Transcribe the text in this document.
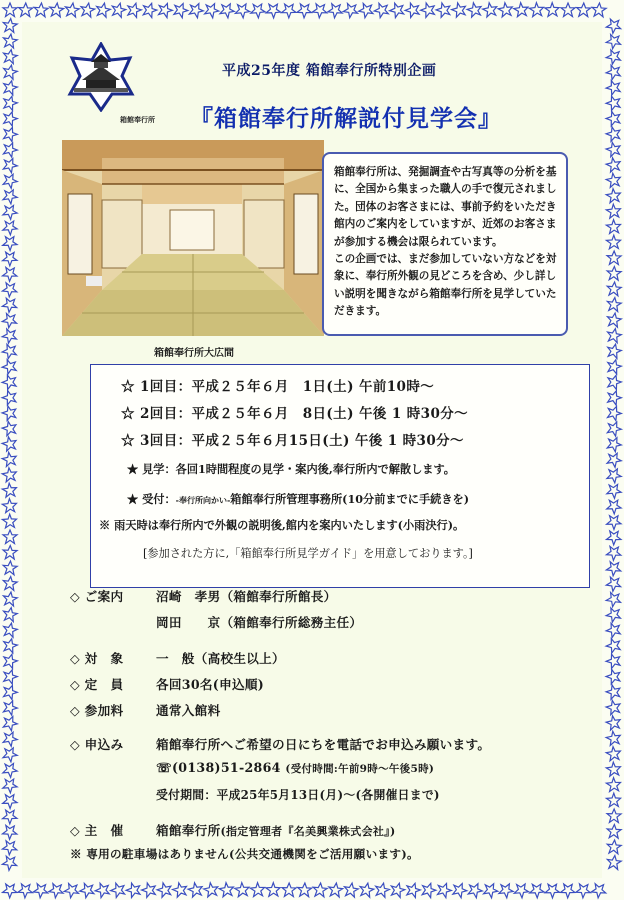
箱館奉行所
平成25年度 箱館奉行所特別企画
『箱館奉行所解説付見学会』
箱館奉行所大広間

箱館奉行所は、発掘調査や古写真等の分析を基に、全国から集まった職人の手で復元されました。団体のお客さまには、事前予約をいただき館内のご案内をしていますが、近郊のお客さまが参加する機会は限られています。

この企画では、まだ参加していない方などを対象に、奉行所外観の見どころを含め、少し詳しい説明を聞きながら箱館奉行所を見学していただきます。

☆ 1回目：平成２５年６月　1日(土) 午前10時～
☆ 2回目：平成２５年６月　8日(土) 午後 1 時30分～
☆ 3回目：平成２５年６月15日(土) 午後 1 時30分～
★ 見学：各回1時間程度の見学・案内後,奉行所内で解散します。
★ 受付：-奉行所向かい-箱館奉行所管理事務所(10分前までに手続きを)
※ 雨天時は奉行所内で外観の説明後,館内を案内いたします(小雨決行)。
[参加された方に,「箱館奉行所見学ガイド」を用意しております。]
◇ ご案内	沼崎　孝男（箱館奉行所館長）
岡田　　京（箱館奉行所総務主任）
◇ 対　象	一　般（高校生以上）
◇ 定　員	各回30名(申込順)
◇ 参加料	通常入館料
◇ 申込み	箱館奉行所へご希望の日にちを電話でお申込み願います。
☏(0138)51-2864 (受付時間:午前9時～午後5時)
受付期間：平成25年5月13日(月)～(各開催日まで)
◇ 主　催	箱館奉行所(指定管理者『名美興業株式会社』)
※ 専用の駐車場はありません(公共交通機関をご活用願います)。
